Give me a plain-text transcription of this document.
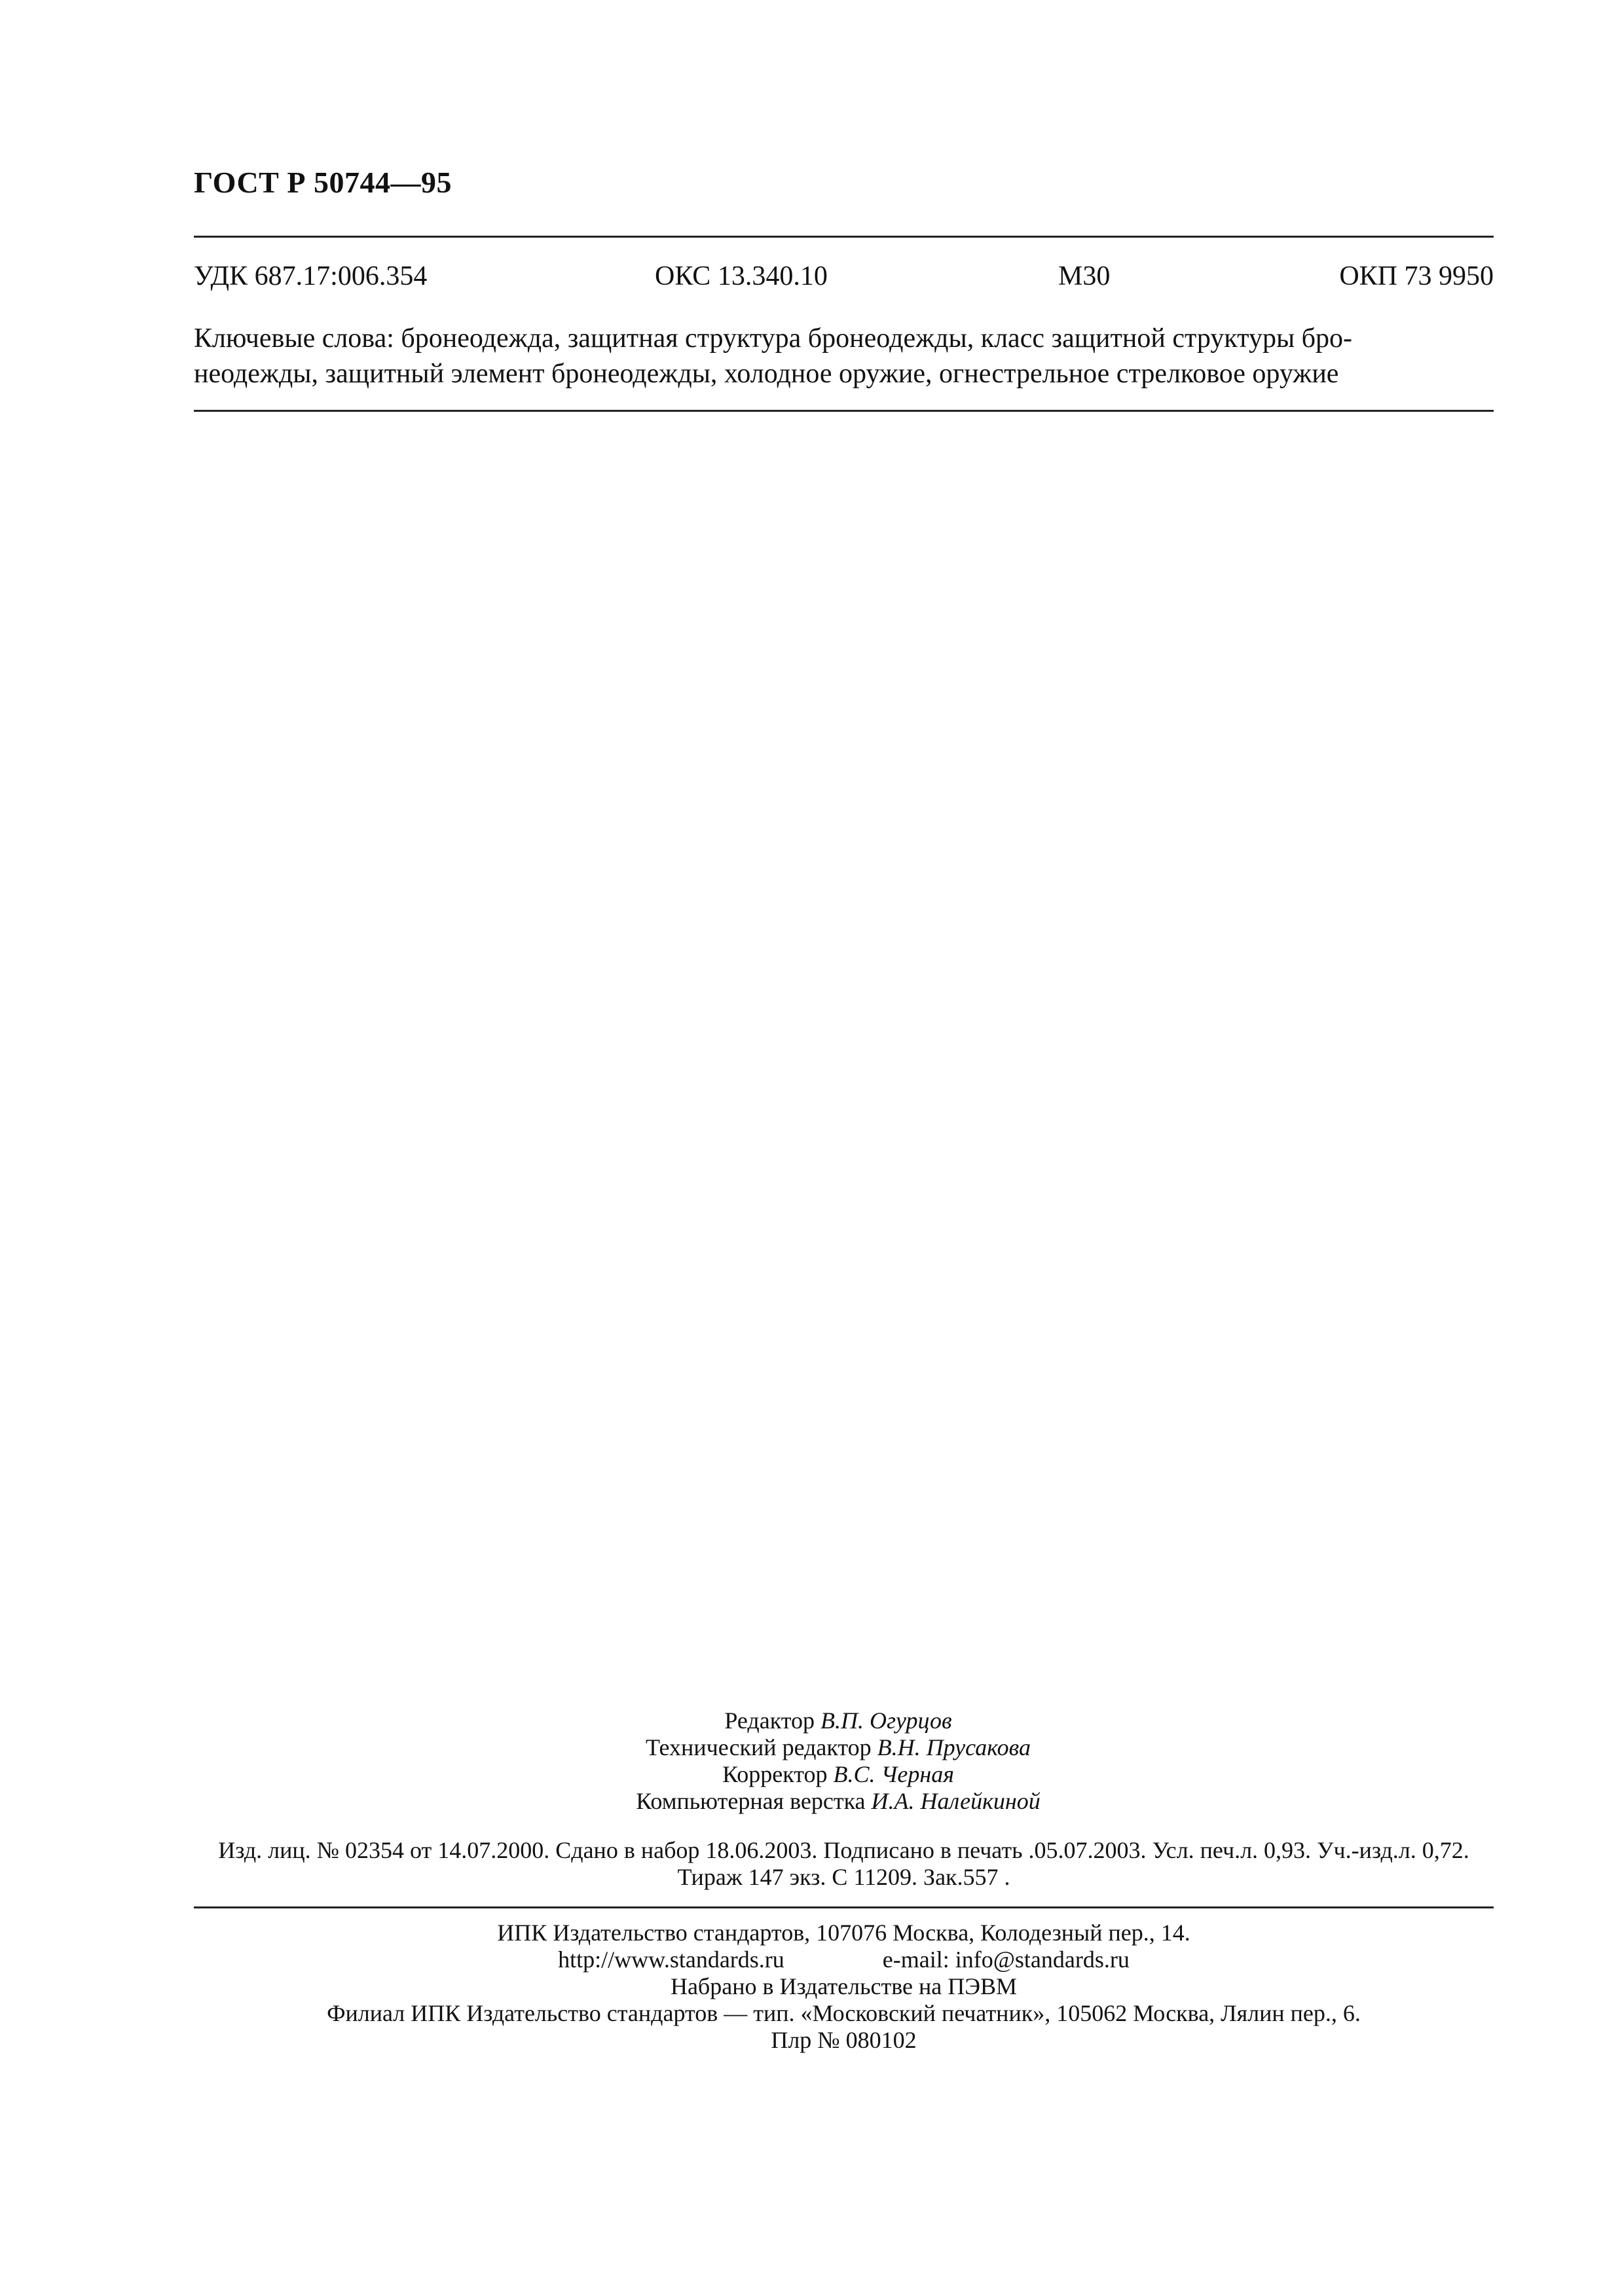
ГОСТ Р 50744—95
УДК 687.17:006.354	ОКС 13.340.10	М30	ОКП 73 9950
Ключевые слова: бронеодежда, защитная структура бронеодежды, класс защитной структуры бро-
неодежды, защитный элемент бронеодежды, холодное оружие, огнестрельное стрелковое оружие
Редактор В.П. Огурцов
Технический редактор В.Н. Прусакова
Корректор В.С. Черная
Компьютерная верстка И.А. Налейкиной
Изд. лиц. № 02354 от 14.07.2000. Сдано в набор 18.06.2003. Подписано в печать .05.07.2003. Усл. печ.л. 0,93. Уч.-изд.л. 0,72.
Тираж 147 экз. С 11209. Зак.557 .
ИПК Издательство стандартов, 107076 Москва, Колодезный пер., 14.
http://www.standards.ru	e-mail: info@standards.ru
Набрано в Издательстве на ПЭВМ
Филиал ИПК Издательство стандартов — тип. «Московский печатник», 105062 Москва, Лялин пер., 6.
Плр № 080102
